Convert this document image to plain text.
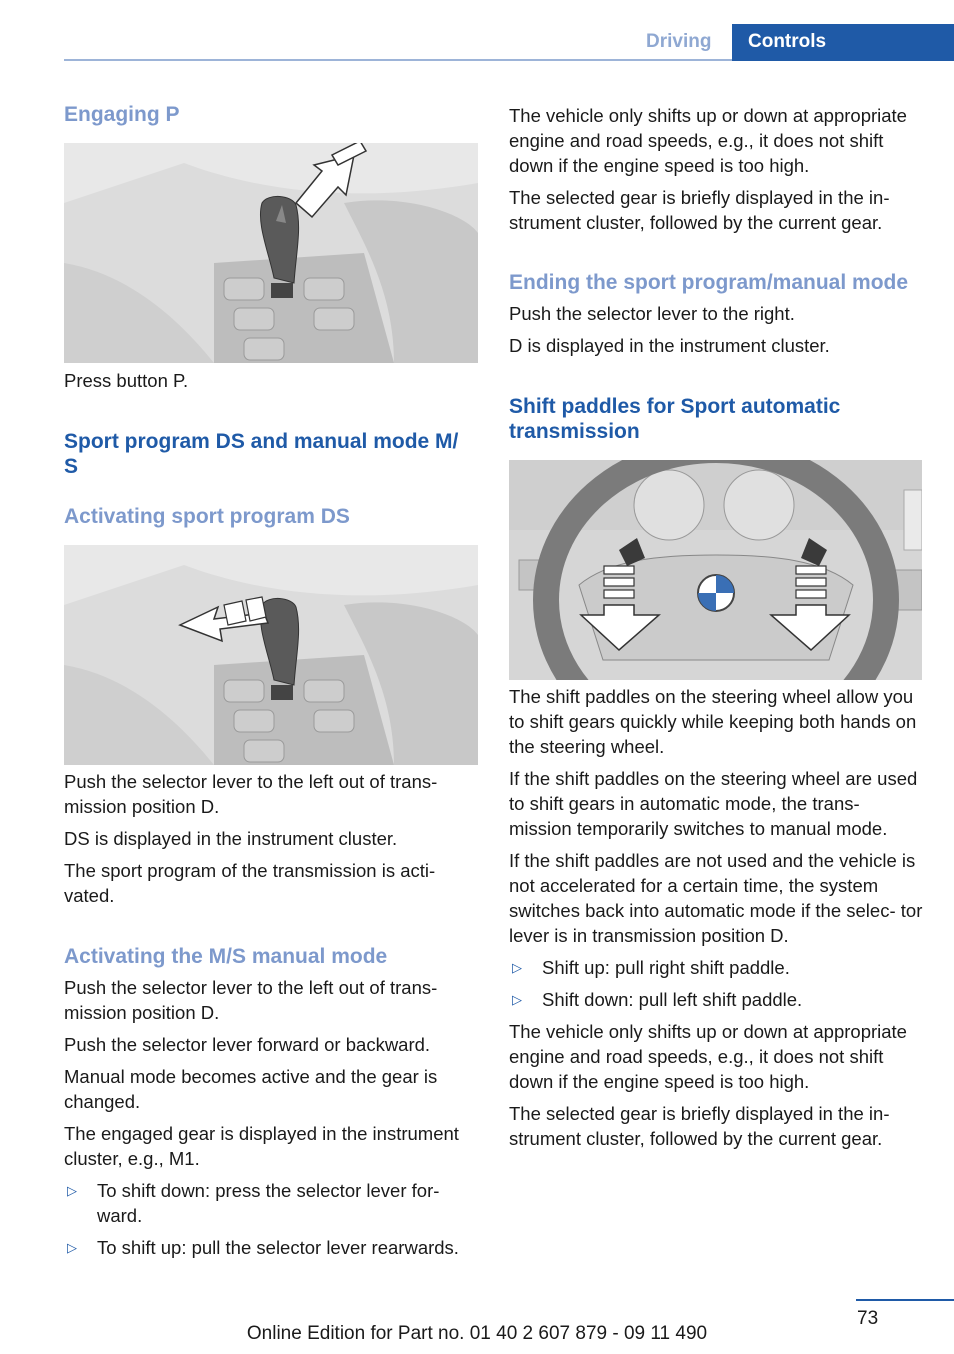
Driving	Controls
Engaging P

Press button P.

Sport program DS and manual mode M/ S
Activating sport program DS

Push the selector lever to the left out of trans- mission position D.

DS is displayed in the instrument cluster.

The sport program of the transmission is acti- vated.

Activating the M/S manual mode

Push the selector lever to the left out of trans- mission position D.

Push the selector lever forward or backward.

Manual mode becomes active and the gear is changed.

The engaged gear is displayed in the instrument cluster, e.g., M1.

▷	To shift down: press the selector lever for- ward.
▷	To shift up: pull the selector lever rearwards.

The vehicle only shifts up or down at appropriate engine and road speeds, e.g., it does not shift down if the engine speed is too high.

The selected gear is briefly displayed in the in- strument cluster, followed by the current gear.

Ending the sport program/manual mode

Push the selector lever to the right.

D is displayed in the instrument cluster.

Shift paddles for Sport automatic transmission

The shift paddles on the steering wheel allow you to shift gears quickly while keeping both hands on the steering wheel.

If the shift paddles on the steering wheel are used to shift gears in automatic mode, the trans- mission temporarily switches to manual mode.

If the shift paddles are not used and the vehicle is not accelerated for a certain time, the system switches back into automatic mode if the selec- tor lever is in transmission position D.

▷	Shift up: pull right shift paddle.
▷	Shift down: pull left shift paddle.

The vehicle only shifts up or down at appropriate engine and road speeds, e.g., it does not shift down if the engine speed is too high.

The selected gear is briefly displayed in the in- strument cluster, followed by the current gear.

73
Online Edition for Part no. 01 40 2 607 879 - 09 11 490
